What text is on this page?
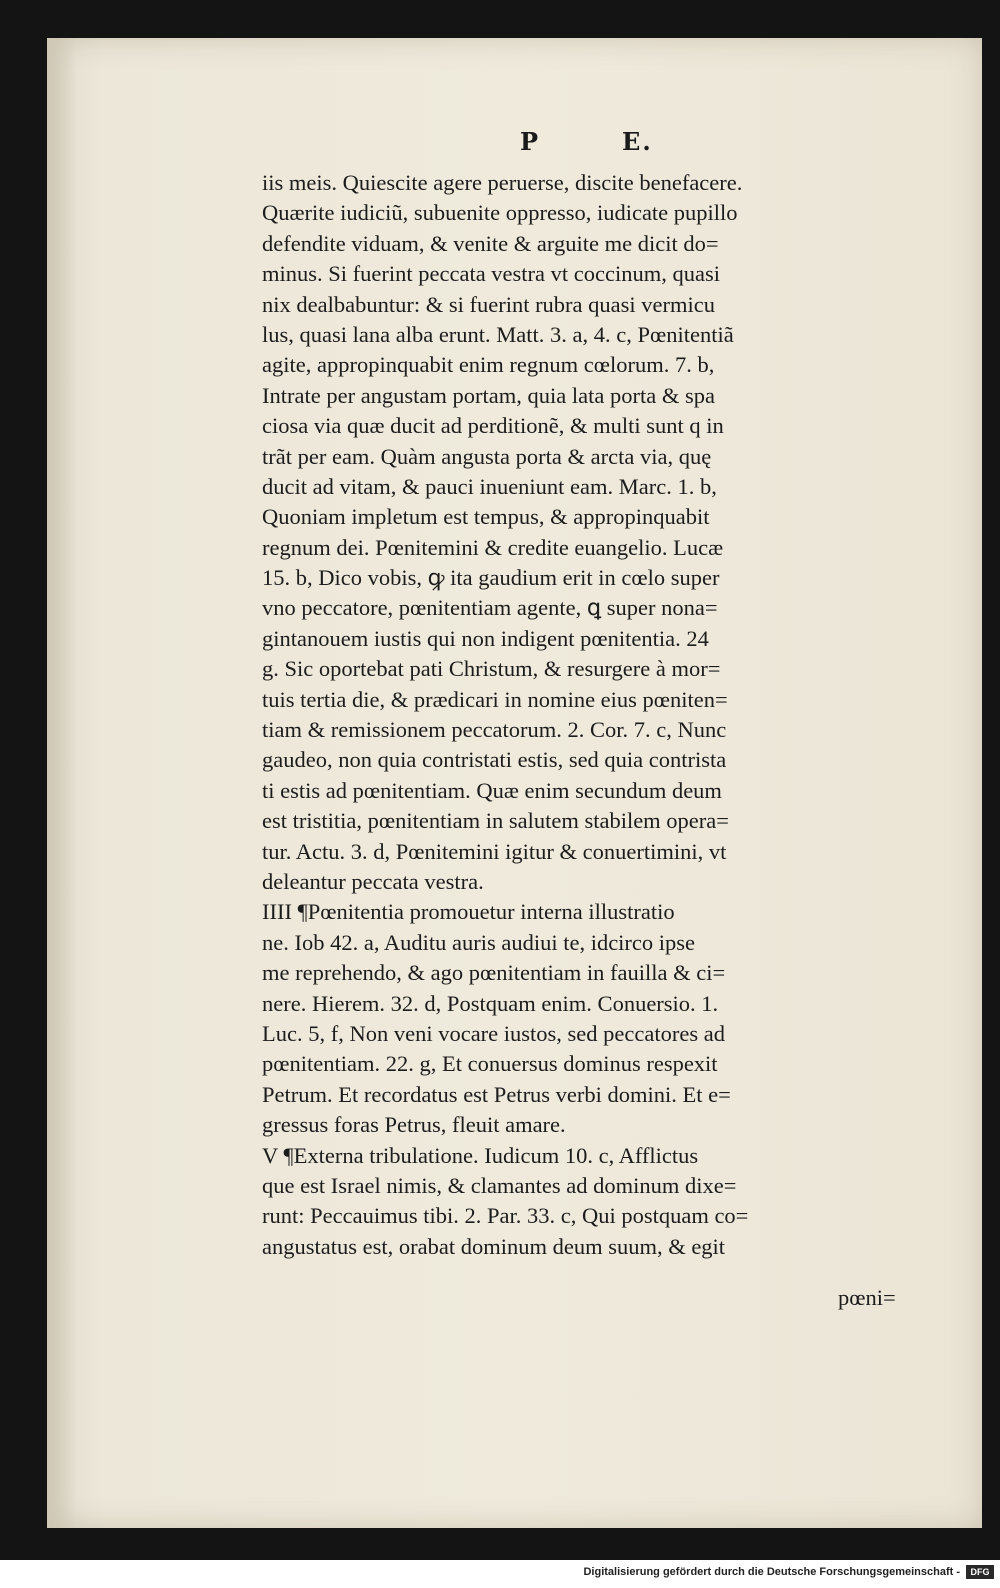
P	E.
iis meis. Quiescite agere peruerse, discite benefacere.
Quærite iudiciũ, subuenite oppresso, iudicate pupillo
defendite viduam, & venite & arguite me dicit do=
minus. Si fuerint peccata vestra vt coccinum, quasi
nix dealbabuntur: & si fuerint rubra quasi vermicu
lus, quasi lana alba erunt. Matt. 3. a, 4. c, Pœnitentiã
agite, appropinquabit enim regnum cœlorum. 7. b,
Intrate per angustam portam, quia lata porta & spa
ciosa via quæ ducit ad perditionẽ, & multi sunt q in
trãt per eam. Quàm angusta porta & arcta via, quę
ducit ad vitam, & pauci inueniunt eam. Marc. 1. b,
Quoniam impletum est tempus, & appropinquabit
regnum dei. Pœnitemini & credite euangelio. Lucæ
15. b, Dico vobis, ꝙ ita gaudium erit in cœlo super
vno peccatore, pœnitentiam agente, ꝗ super nona=
gintanouem iustis qui non indigent pœnitentia. 24
g. Sic oportebat pati Christum, & resurgere à mor=
tuis tertia die, & prædicari in nomine eius pœniten=
tiam & remissionem peccatorum. 2. Cor. 7. c, Nunc
gaudeo, non quia contristati estis, sed quia contrista
ti estis ad pœnitentiam. Quæ enim secundum deum
est tristitia, pœnitentiam in salutem stabilem opera=
tur. Actu. 3. d, Pœnitemini igitur & conuertimini, vt
deleantur peccata vestra.
IIII ¶Pœnitentia promouetur interna illustratio
ne. Iob 42. a, Auditu auris audiui te, idcirco ipse
me reprehendo, & ago pœnitentiam in fauilla & ci=
nere. Hierem. 32. d, Postquam enim. Conuersio. 1.
Luc. 5, f, Non veni vocare iustos, sed peccatores ad
pœnitentiam. 22. g, Et conuersus dominus respexit
Petrum. Et recordatus est Petrus verbi domini. Et e=
gressus foras Petrus, fleuit amare.
V ¶Externa tribulatione. Iudicum 10. c, Afflictus
que est Israel nimis, & clamantes ad dominum dixe=
runt: Peccauimus tibi. 2. Par. 33. c, Qui postquam co=
angustatus est, orabat dominum deum suum, & egit
pœni=
Digitalisierung gefördert durch die Deutsche Forschungsgemeinschaft -	DFG
